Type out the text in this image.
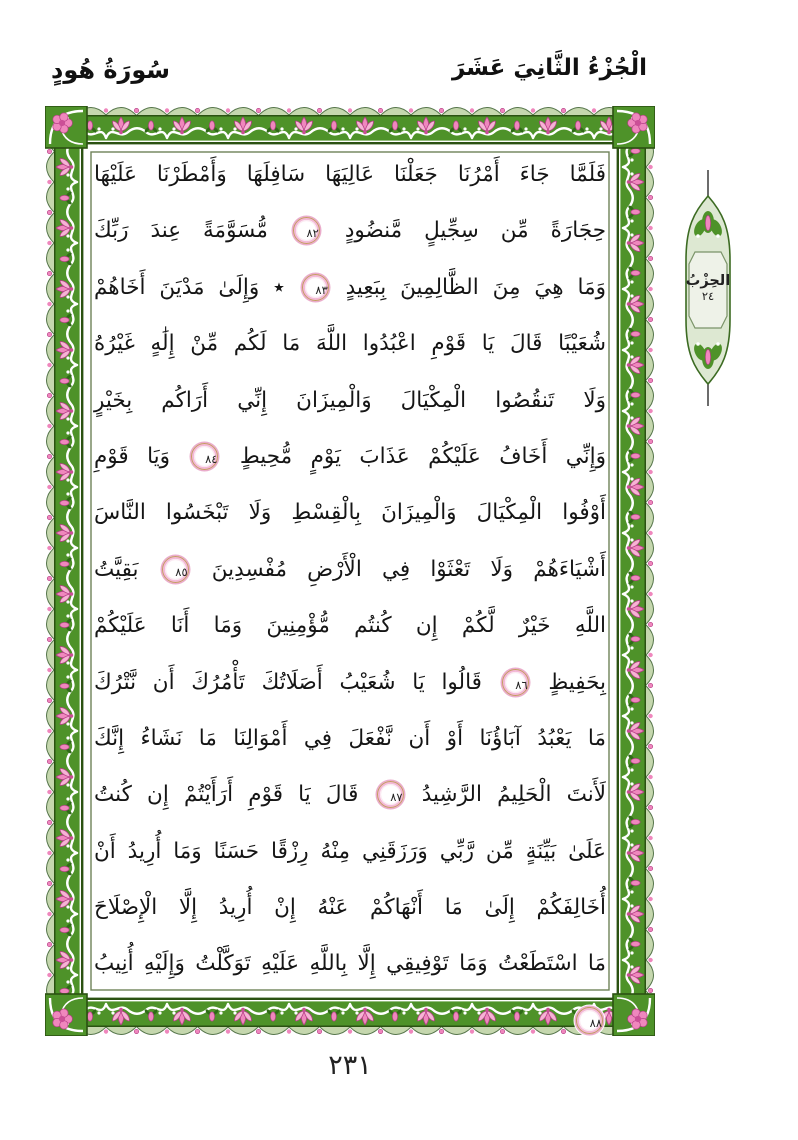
سُورَةُ هُودٍ	الْجُزْءُ الثَّانِيَ عَشَرَ
فَلَمَّا جَاءَ أَمْرُنَا جَعَلْنَا عَالِيَهَا سَافِلَهَا وَأَمْطَرْنَا عَلَيْهَا
حِجَارَةً مِّن سِجِّيلٍ مَّنضُودٍ ٨٢ مُّسَوَّمَةً عِندَ رَبِّكَ
وَمَا هِيَ مِنَ الظَّالِمِينَ بِبَعِيدٍ ٨٣ ٭ وَإِلَىٰ مَدْيَنَ أَخَاهُمْ
شُعَيْبًا قَالَ يَا قَوْمِ اعْبُدُوا اللَّهَ مَا لَكُم مِّنْ إِلَٰهٍ غَيْرُهُ
وَلَا تَنقُصُوا الْمِكْيَالَ وَالْمِيزَانَ إِنِّي أَرَاكُم بِخَيْرٍ
وَإِنِّي أَخَافُ عَلَيْكُمْ عَذَابَ يَوْمٍ مُّحِيطٍ ٨٤ وَيَا قَوْمِ
أَوْفُوا الْمِكْيَالَ وَالْمِيزَانَ بِالْقِسْطِ وَلَا تَبْخَسُوا النَّاسَ
أَشْيَاءَهُمْ وَلَا تَعْثَوْا فِي الْأَرْضِ مُفْسِدِينَ ٨٥ بَقِيَّتُ
اللَّهِ خَيْرٌ لَّكُمْ إِن كُنتُم مُّؤْمِنِينَ وَمَا أَنَا عَلَيْكُمْ
بِحَفِيظٍ ٨٦ قَالُوا يَا شُعَيْبُ أَصَلَاتُكَ تَأْمُرُكَ أَن نَّتْرُكَ
مَا يَعْبُدُ آبَاؤُنَا أَوْ أَن نَّفْعَلَ فِي أَمْوَالِنَا مَا نَشَاءُ إِنَّكَ
لَأَنتَ الْحَلِيمُ الرَّشِيدُ ٨٧ قَالَ يَا قَوْمِ أَرَأَيْتُمْ إِن كُنتُ
عَلَىٰ بَيِّنَةٍ مِّن رَّبِّي وَرَزَقَنِي مِنْهُ رِزْقًا حَسَنًا وَمَا أُرِيدُ أَنْ
أُخَالِفَكُمْ إِلَىٰ مَا أَنْهَاكُمْ عَنْهُ إِنْ أُرِيدُ إِلَّا الْإِصْلَاحَ
مَا اسْتَطَعْتُ وَمَا تَوْفِيقِي إِلَّا بِاللَّهِ عَلَيْهِ تَوَكَّلْتُ وَإِلَيْهِ أُنِيبُ ٨٨
الحِزْبُ
٢٤
٢٣١
